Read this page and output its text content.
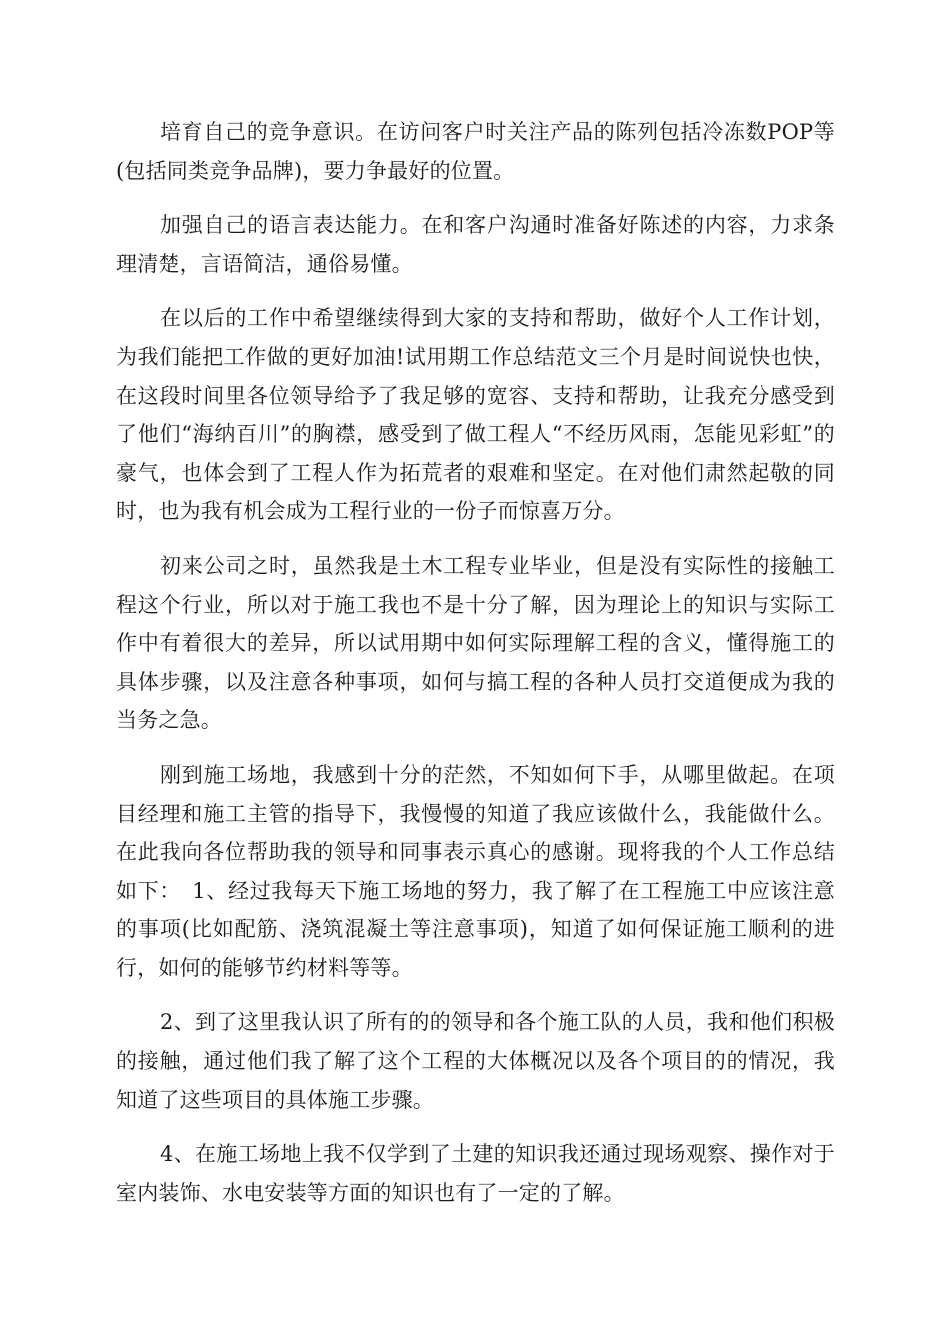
培育自己的竞争意识。在访问客户时关注产品的陈列包括冷冻数POP等(包括同类竞争品牌)，要力争最好的位置。

加强自己的语言表达能力。在和客户沟通时准备好陈述的内容，力求条理清楚，言语简洁，通俗易懂。

在以后的工作中希望继续得到大家的支持和帮助，做好个人工作计划，为我们能把工作做的更好加油!试用期工作总结范文三个月是时间说快也快，在这段时间里各位领导给予了我足够的宽容、支持和帮助，让我充分感受到了他们“海纳百川”的胸襟，感受到了做工程人“不经历风雨，怎能见彩虹”的豪气，也体会到了工程人作为拓荒者的艰难和坚定。在对他们肃然起敬的同时，也为我有机会成为工程行业的一份子而惊喜万分。

初来公司之时，虽然我是土木工程专业毕业，但是没有实际性的接触工程这个行业，所以对于施工我也不是十分了解，因为理论上的知识与实际工作中有着很大的差异，所以试用期中如何实际理解工程的含义，懂得施工的具体步骤，以及注意各种事项，如何与搞工程的各种人员打交道便成为我的当务之急。

刚到施工场地，我感到十分的茫然，不知如何下手，从哪里做起。在项目经理和施工主管的指导下，我慢慢的知道了我应该做什么，我能做什么。在此我向各位帮助我的领导和同事表示真心的感谢。现将我的个人工作总结如下：　1、经过我每天下施工场地的努力，我了解了在工程施工中应该注意的事项(比如配筋、浇筑混凝土等注意事项)，知道了如何保证施工顺利的进行，如何的能够节约材料等等。

2、到了这里我认识了所有的的领导和各个施工队的人员，我和他们积极的接触，通过他们我了解了这个工程的大体概况以及各个项目的的情况，我知道了这些项目的具体施工步骤。

4、在施工场地上我不仅学到了土建的知识我还通过现场观察、操作对于室内装饰、水电安装等方面的知识也有了一定的了解。
